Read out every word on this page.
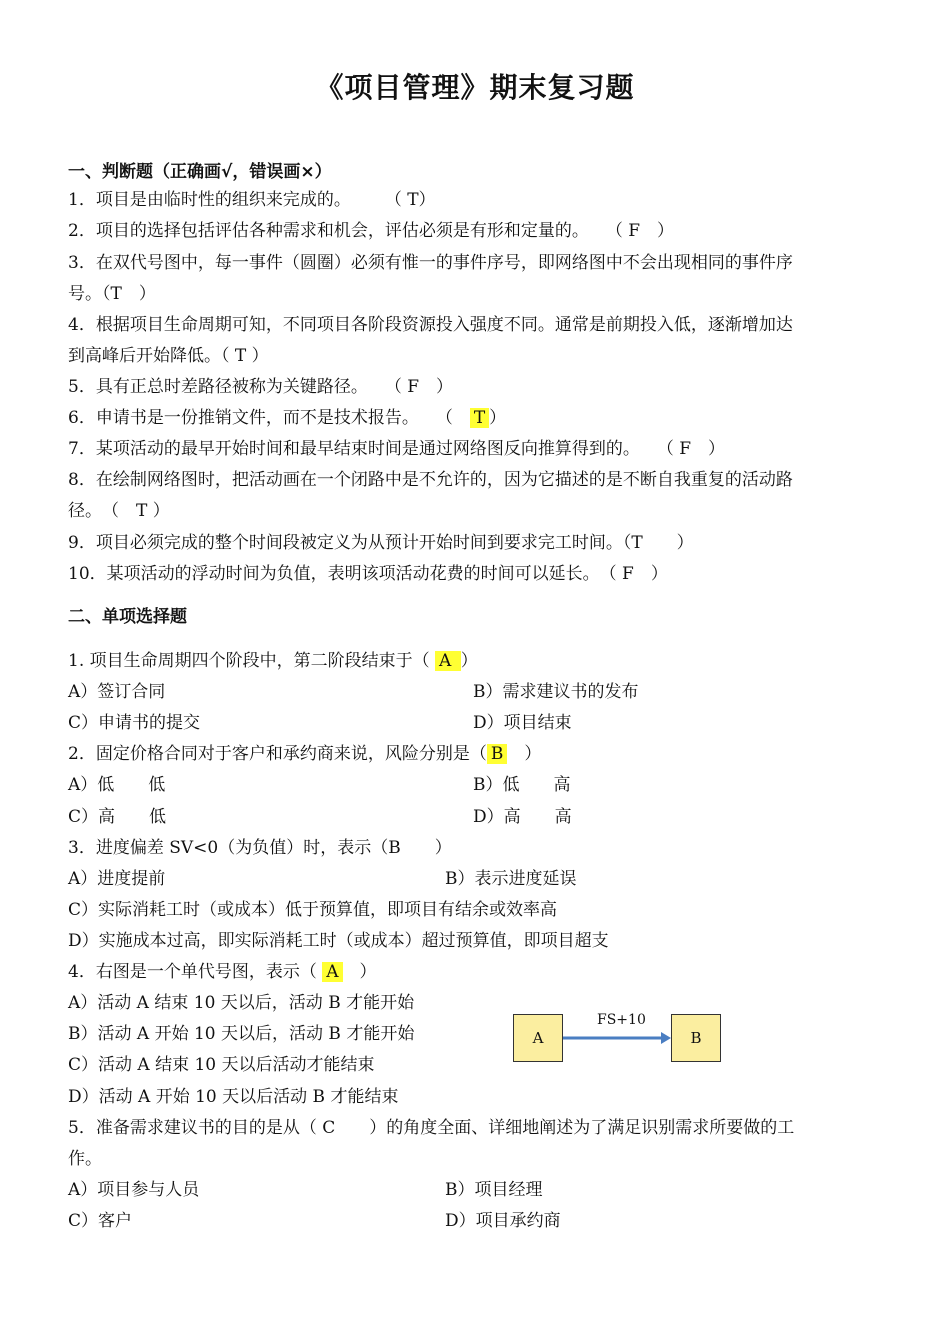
《项目管理》期末复习题
一、判断题（正确画√，错误画×）
1．项目是由临时性的组织来完成的。　　　（ T）
2．项目的选择包括评估各种需求和机会，评估必须是有形和定量的。　　（ F　）
3．在双代号图中，每一事件（圆圈）必须有惟一的事件序号，即网络图中不会出现相同的事件序
号。（T　）
4．根据项目生命周期可知，不同项目各阶段资源投入强度不同。通常是前期投入低，逐渐增加达
到高峰后开始降低。（ T ）
5．具有正总时差路径被称为关键路径。　　（ F　）
6．申请书是一份推销文件，而不是技术报告。　　（　T ）
7．某项活动的最早开始时间和最早结束时间是通过网络图反向推算得到的。　　（ F　）
8．在绘制网络图时，把活动画在一个闭路中是不允许的，因为它描述的是不断自我重复的活动路
径。　（　T ）
9．项目必须完成的整个时间段被定义为从预计开始时间到要求完工时间。（T　　）
10．某项活动的浮动时间为负值，表明该项活动花费的时间可以延长。　（ F　）
二、单项选择题
1. 项目生命周期四个阶段中，第二阶段结束于（ A ）
A）签订合同	B）需求建议书的发布
C）申请书的提交	D）项目结束
2．固定价格合同对于客户和承约商来说，风险分别是（ B　）
A）低　　低	B）低　　高
C）高　　低	D）高　　高
3．进度偏差 SV<0（为负值）时，表示（B　　）
A）进度提前	B）表示进度延误
C）实际消耗工时（或成本）低于预算值，即项目有结余或效率高
D）实施成本过高，即实际消耗工时（或成本）超过预算值，即项目超支
4．右图是一个单代号图，表示（ A　）
A）活动 A 结束 10 天以后，活动 B 才能开始
B）活动 A 开始 10 天以后，活动 B 才能开始
C）活动 A 结束 10 天以后活动才能结束
D）活动 A 开始 10 天以后活动 B 才能结束
A	B
FS+10
5．准备需求建议书的目的是从（ C　　）的角度全面、详细地阐述为了满足识别需求所要做的工
作。
A）项目参与人员	B）项目经理
C）客户	D）项目承约商
